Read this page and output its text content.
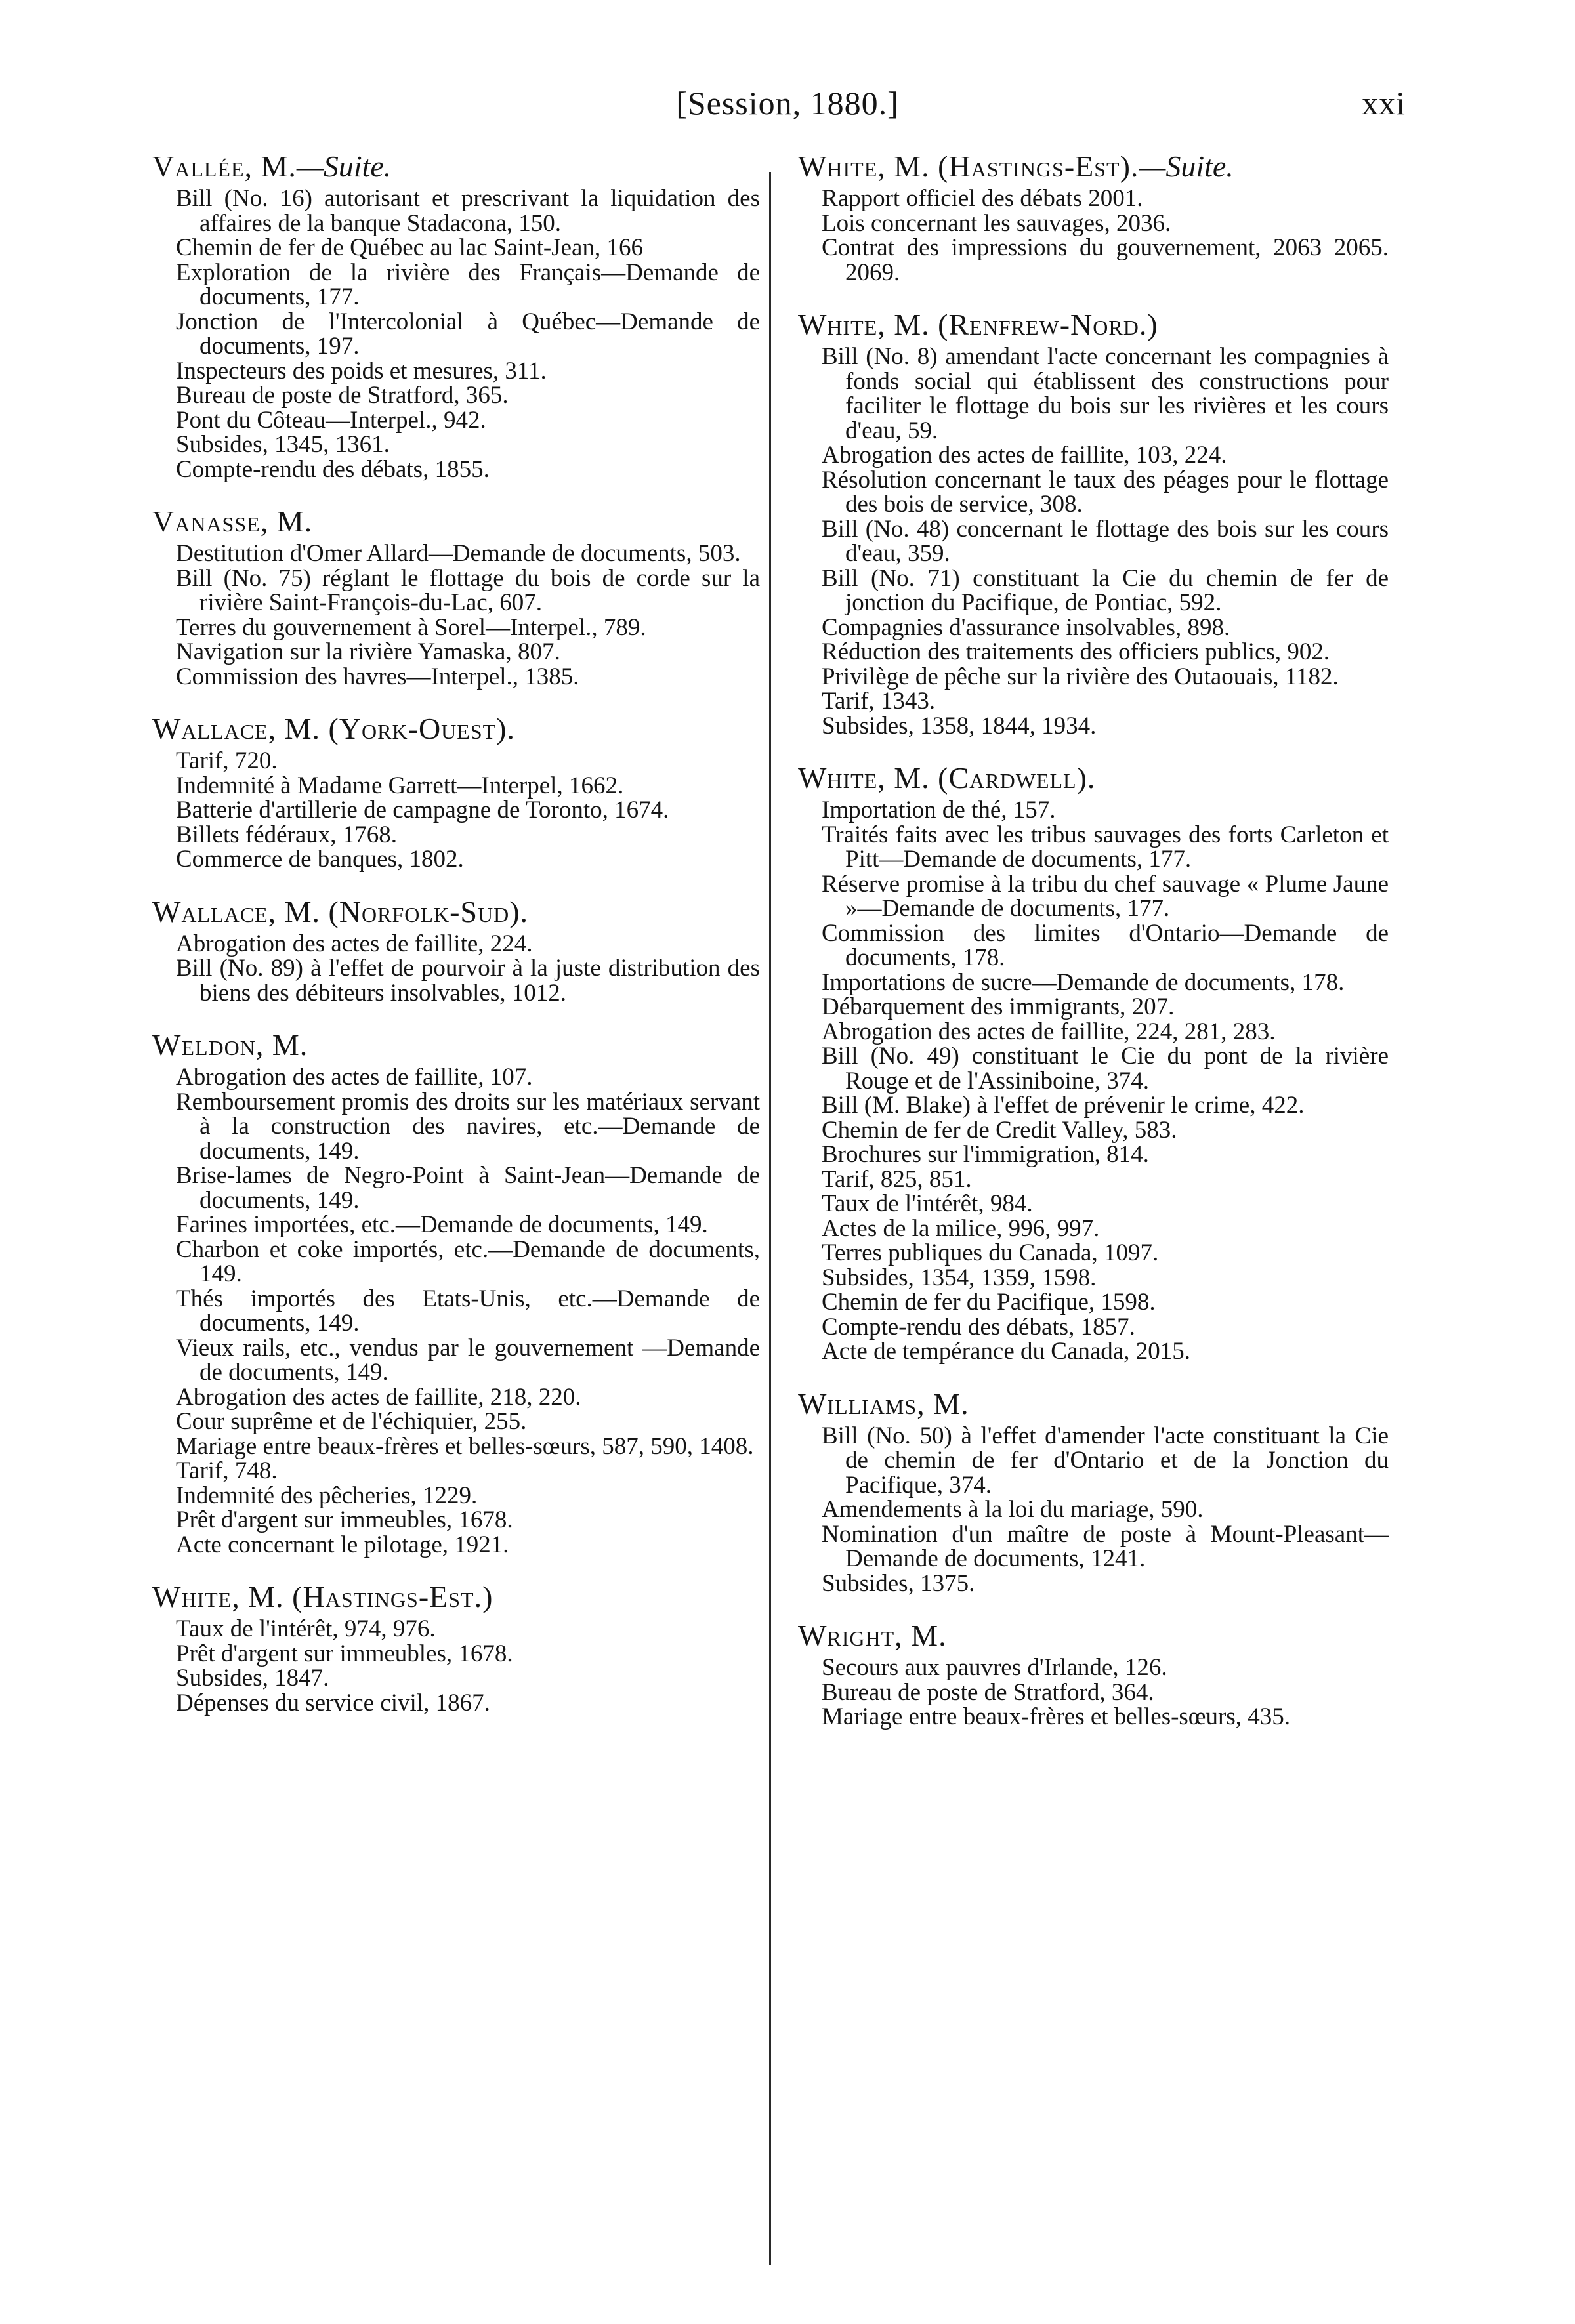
[Session, 1880.]	xxi
Vallée, M.—Suite.
Bill (No. 16) autorisant et prescrivant la liquidation des affaires de la banque Stadacona, 150.
Chemin de fer de Québec au lac Saint-Jean, 166
Exploration de la rivière des Français—Demande de documents, 177.
Jonction de l'Intercolonial à Québec—Demande de documents, 197.
Inspecteurs des poids et mesures, 311.
Bureau de poste de Stratford, 365.
Pont du Côteau—Interpel., 942.
Subsides, 1345, 1361.
Compte-rendu des débats, 1855.
Vanasse, M.
Destitution d'Omer Allard—Demande de documents, 503.
Bill (No. 75) réglant le flottage du bois de corde sur la rivière Saint-François-du-Lac, 607.
Terres du gouvernement à Sorel—Interpel., 789.
Navigation sur la rivière Yamaska, 807.
Commission des havres—Interpel., 1385.
Wallace, M. (York-Ouest).
Tarif, 720.
Indemnité à Madame Garrett—Interpel, 1662.
Batterie d'artillerie de campagne de Toronto, 1674.
Billets fédéraux, 1768.
Commerce de banques, 1802.
Wallace, M. (Norfolk-Sud).
Abrogation des actes de faillite, 224.
Bill (No. 89) à l'effet de pourvoir à la juste distribution des biens des débiteurs insolvables, 1012.
Weldon, M.
Abrogation des actes de faillite, 107.
Remboursement promis des droits sur les matériaux servant à la construction des navires, etc.—Demande de documents, 149.
Brise-lames de Negro-Point à Saint-Jean—Demande de documents, 149.
Farines importées, etc.—Demande de documents, 149.
Charbon et coke importés, etc.—Demande de documents, 149.
Thés importés des Etats-Unis, etc.—Demande de documents, 149.
Vieux rails, etc., vendus par le gouvernement —Demande de documents, 149.
Abrogation des actes de faillite, 218, 220.
Cour suprême et de l'échiquier, 255.
Mariage entre beaux-frères et belles-sœurs, 587, 590, 1408.
Tarif, 748.
Indemnité des pêcheries, 1229.
Prêt d'argent sur immeubles, 1678.
Acte concernant le pilotage, 1921.
White, M. (Hastings-Est.)
Taux de l'intérêt, 974, 976.
Prêt d'argent sur immeubles, 1678.
Subsides, 1847.
Dépenses du service civil, 1867.
White, M. (Hastings-Est).—Suite.
Rapport officiel des débats 2001.
Lois concernant les sauvages, 2036.
Contrat des impressions du gouvernement, 2063 2065. 2069.
White, M. (Renfrew-Nord.)
Bill (No. 8) amendant l'acte concernant les compagnies à fonds social qui établissent des constructions pour faciliter le flottage du bois sur les rivières et les cours d'eau, 59.
Abrogation des actes de faillite, 103, 224.
Résolution concernant le taux des péages pour le flottage des bois de service, 308.
Bill (No. 48) concernant le flottage des bois sur les cours d'eau, 359.
Bill (No. 71) constituant la Cie du chemin de fer de jonction du Pacifique, de Pontiac, 592.
Compagnies d'assurance insolvables, 898.
Réduction des traitements des officiers publics, 902.
Privilège de pêche sur la rivière des Outaouais, 1182.
Tarif, 1343.
Subsides, 1358, 1844, 1934.
White, M. (Cardwell).
Importation de thé, 157.
Traités faits avec les tribus sauvages des forts Carleton et Pitt—Demande de documents, 177.
Réserve promise à la tribu du chef sauvage « Plume Jaune »—Demande de documents, 177.
Commission des limites d'Ontario—Demande de documents, 178.
Importations de sucre—Demande de documents, 178.
Débarquement des immigrants, 207.
Abrogation des actes de faillite, 224, 281, 283.
Bill (No. 49) constituant le Cie du pont de la rivière Rouge et de l'Assiniboine, 374.
Bill (M. Blake) à l'effet de prévenir le crime, 422.
Chemin de fer de Credit Valley, 583.
Brochures sur l'immigration, 814.
Tarif, 825, 851.
Taux de l'intérêt, 984.
Actes de la milice, 996, 997.
Terres publiques du Canada, 1097.
Subsides, 1354, 1359, 1598.
Chemin de fer du Pacifique, 1598.
Compte-rendu des débats, 1857.
Acte de tempérance du Canada, 2015.
Williams, M.
Bill (No. 50) à l'effet d'amender l'acte constituant la Cie de chemin de fer d'Ontario et de la Jonction du Pacifique, 374.
Amendements à la loi du mariage, 590.
Nomination d'un maître de poste à Mount-Pleasant—Demande de documents, 1241.
Subsides, 1375.
Wright, M.
Secours aux pauvres d'Irlande, 126.
Bureau de poste de Stratford, 364.
Mariage entre beaux-frères et belles-sœurs, 435.
